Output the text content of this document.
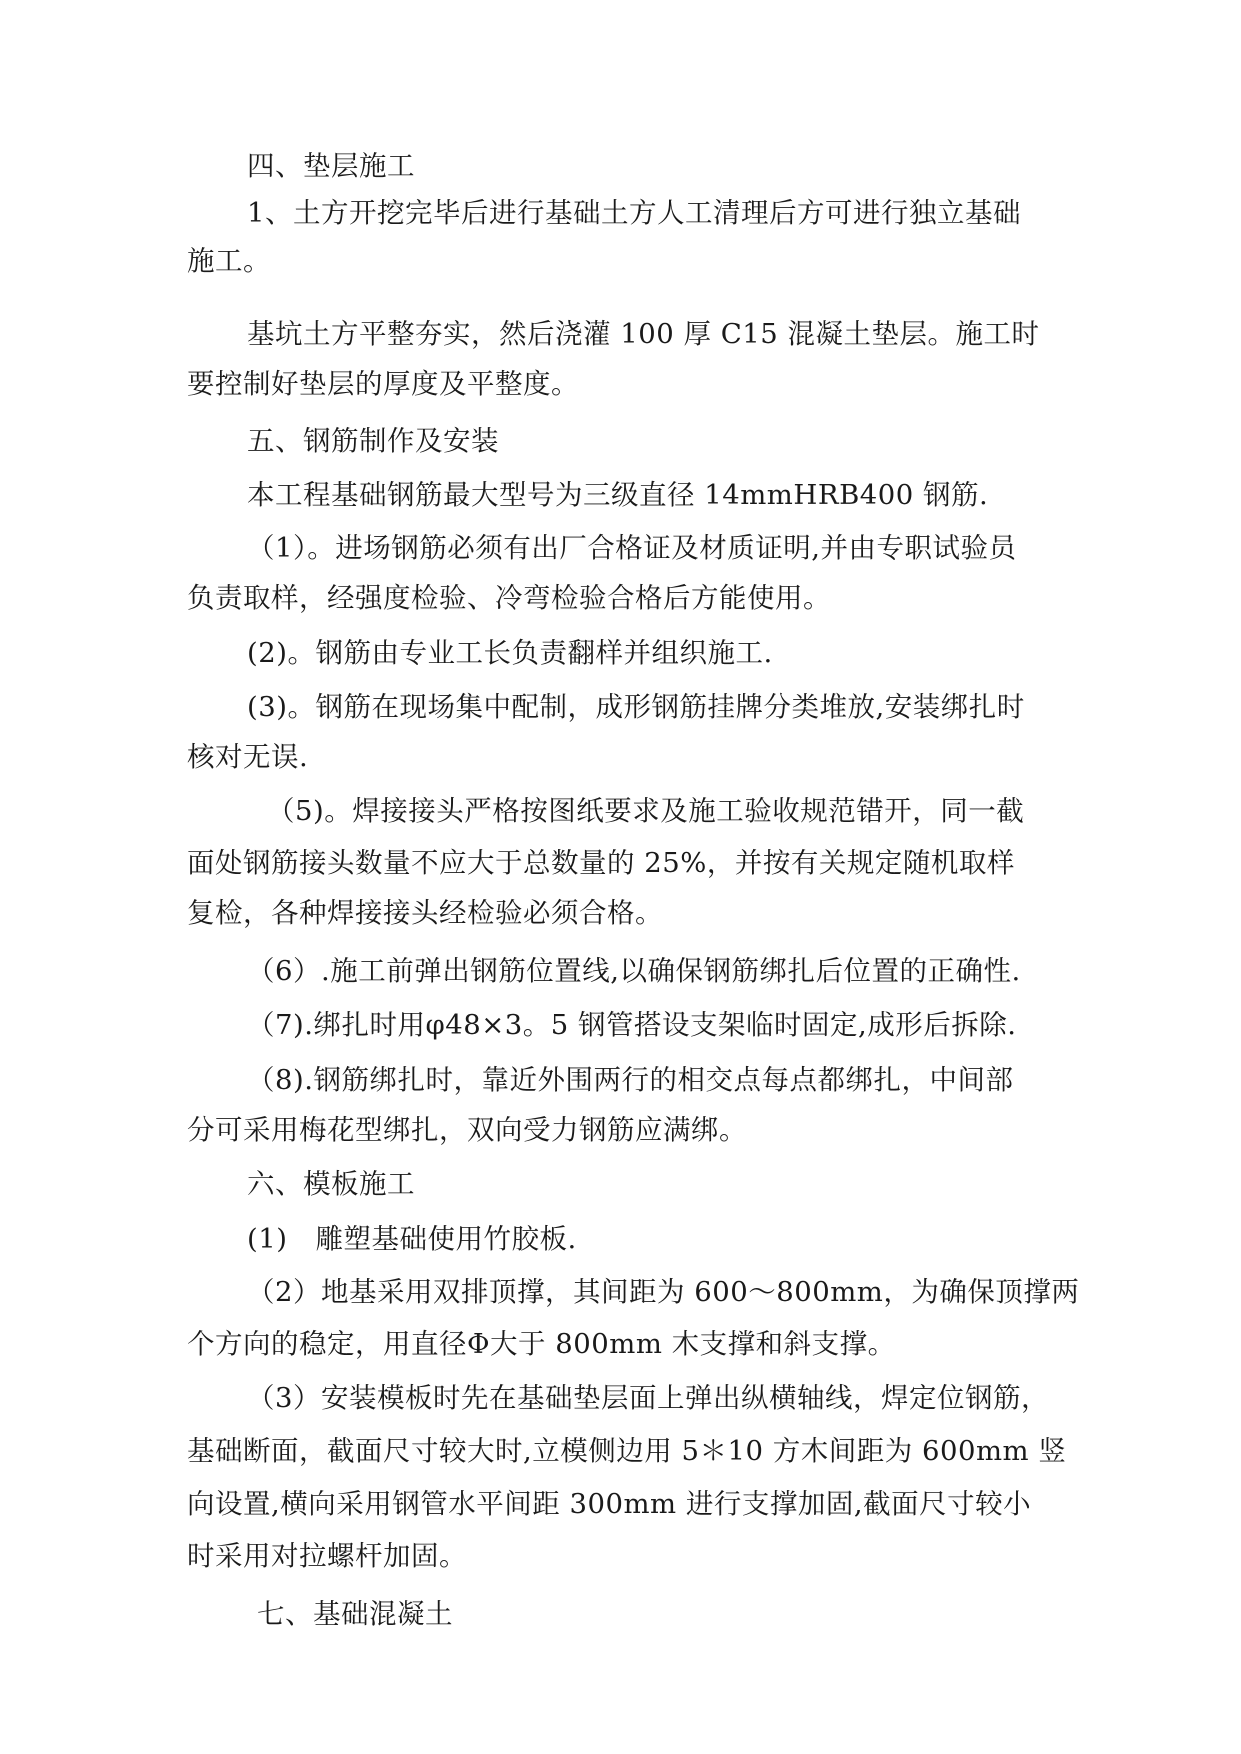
四、垫层施工
1、土方开挖完毕后进行基础土方人工清理后方可进行独立基础
施工。
基坑土方平整夯实，然后浇灌 100 厚 C15 混凝土垫层。施工时
要控制好垫层的厚度及平整度。
五、钢筋制作及安装
本工程基础钢筋最大型号为三级直径 14mmHRB400 钢筋.
（1）。进场钢筋必须有出厂合格证及材质证明,并由专职试验员
负责取样，经强度检验、冷弯检验合格后方能使用。
(2)。钢筋由专业工长负责翻样并组织施工.
(3)。钢筋在现场集中配制，成形钢筋挂牌分类堆放,安装绑扎时
核对无误.
（5)。焊接接头严格按图纸要求及施工验收规范错开，同一截
面处钢筋接头数量不应大于总数量的 25%，并按有关规定随机取样
复检，各种焊接接头经检验必须合格。
（6）.施工前弹出钢筋位置线,以确保钢筋绑扎后位置的正确性.
（7).绑扎时用φ48×3。5 钢管搭设支架临时固定,成形后拆除.
（8).钢筋绑扎时，靠近外围两行的相交点每点都绑扎，中间部
分可采用梅花型绑扎，双向受力钢筋应满绑。
六、模板施工
(1)　雕塑基础使用竹胶板.
（2）地基采用双排顶撑，其间距为 600～800mm，为确保顶撑两
个方向的稳定，用直径Φ大于 800mm 木支撑和斜支撑。
（3）安装模板时先在基础垫层面上弹出纵横轴线，焊定位钢筋，
基础断面，截面尺寸较大时,立模侧边用 5＊10 方木间距为 600mm 竖
向设置,横向采用钢管水平间距 300mm 进行支撑加固,截面尺寸较小
时采用对拉螺杆加固。
七、基础混凝土
